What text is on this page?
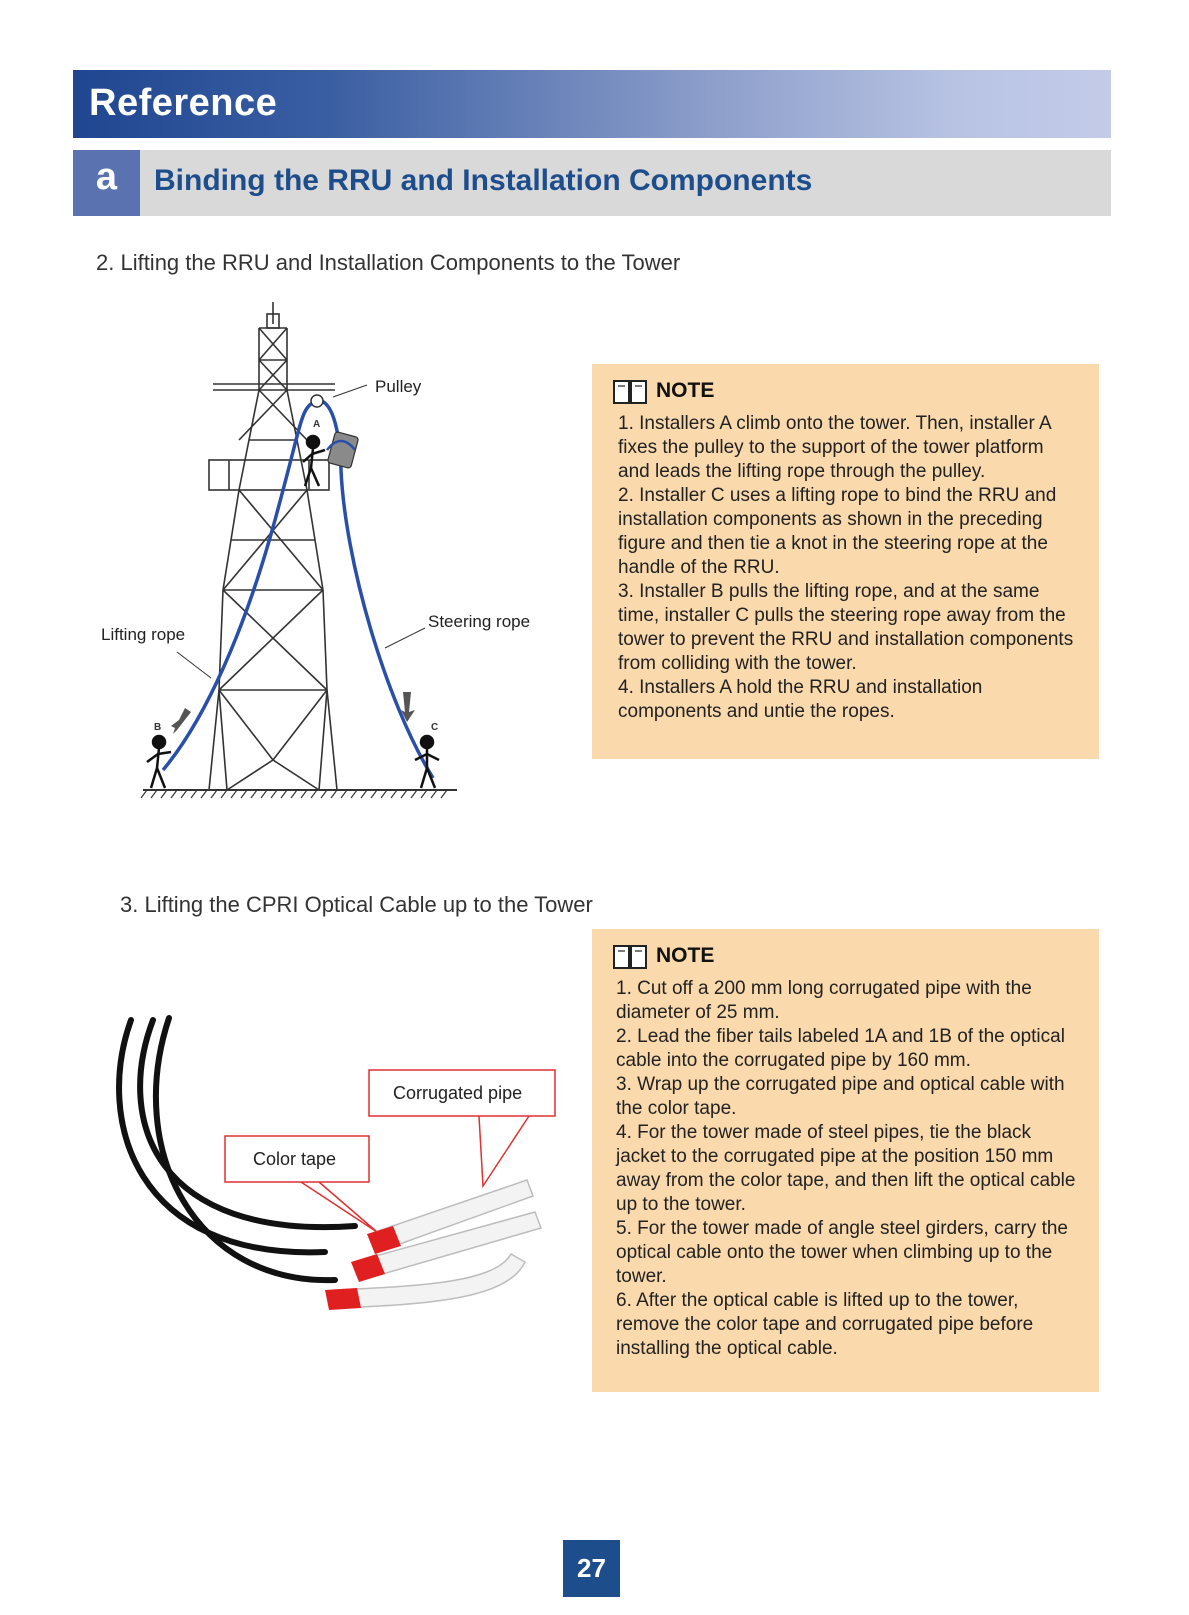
Reference
a	Binding the RRU and Installation Components
2. Lifting the RRU and Installation Components to the Tower
Pulley
Lifting rope
Steering rope
A
B	C
NOTE

1. Installers A climb onto the tower. Then, installer A fixes the pulley to the support of the tower platform and leads the lifting rope through the pulley.

2. Installer C uses a lifting rope to bind the RRU and installation components as shown in the preceding figure and then tie a knot in the steering rope at the handle of the RRU.

3. Installer B pulls the lifting rope, and at the same time, installer C pulls the steering rope away from the tower to prevent the RRU and installation components from colliding with the tower.

4. Installers A hold the RRU and installation components and untie the ropes.

3. Lifting the CPRI Optical Cable up to the Tower
Corrugated pipe
Color tape
NOTE

1. Cut off a 200 mm long corrugated pipe with the diameter of 25 mm.

2. Lead the fiber tails labeled 1A and 1B of the optical cable into the corrugated pipe by 160 mm.

3. Wrap up the corrugated pipe and optical cable with the color tape.

4. For the tower made of steel pipes, tie the black jacket to the corrugated pipe at the position 150 mm away from the color tape, and then lift the optical cable up to the tower.

5. For the tower made of angle steel girders, carry the optical cable onto the tower when climbing up to the tower.

6. After the optical cable is lifted up to the tower, remove the color tape and corrugated pipe before installing the optical cable.

27
